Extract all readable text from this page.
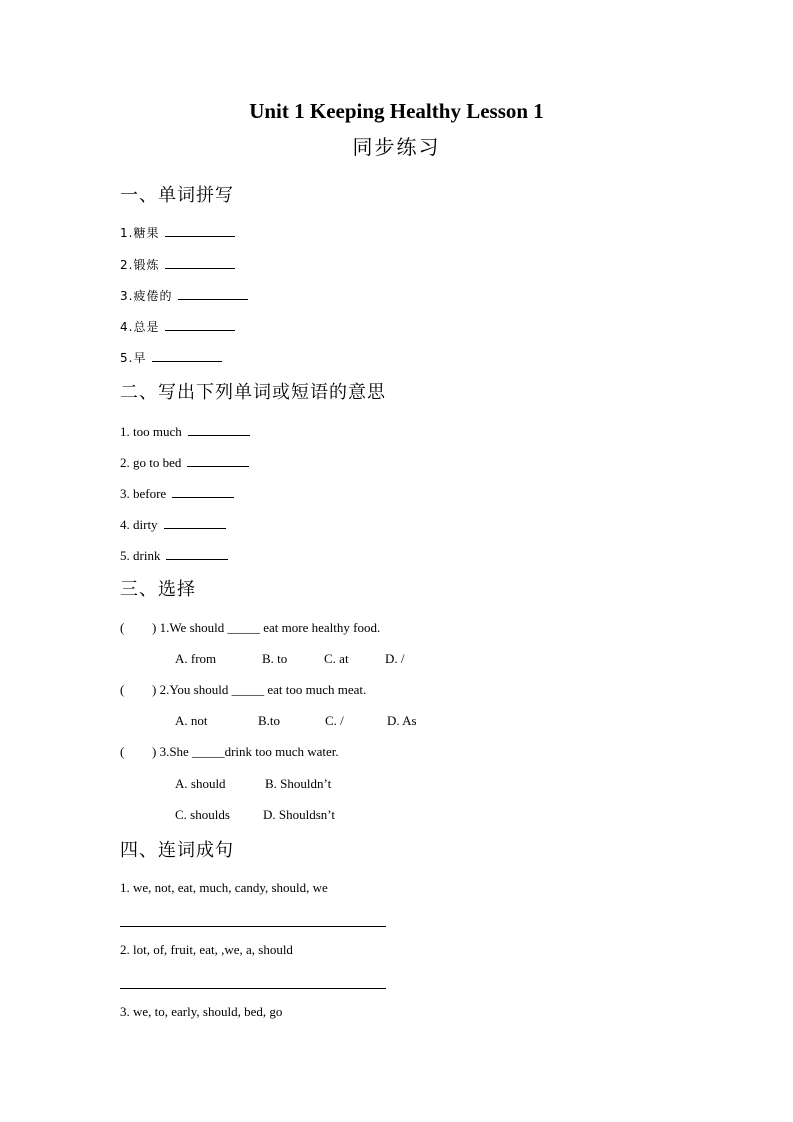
Unit 1 Keeping Healthy Lesson 1
同步练习
一、单词拼写
1.糖果
2.锻炼
3.疲倦的
4.总是
5.早
二、写出下列单词或短语的意思
1. too much
2. go to bed
3. before
4. dirty
5. drink
三、选择
( ) 1.We should _____ eat more healthy food.
A. from	B. to	C. at	D. /
( ) 2.You should _____ eat too much meat.
A. not	B.to	C. /	D. As
( ) 3.She _____drink too much water.
A. should	B. Shouldn’t
C. shoulds	D. Shouldsn’t
四、连词成句
1. we, not, eat, much, candy, should, we
2. lot, of, fruit, eat, ,we, a, should
3. we, to, early, should, bed, go
